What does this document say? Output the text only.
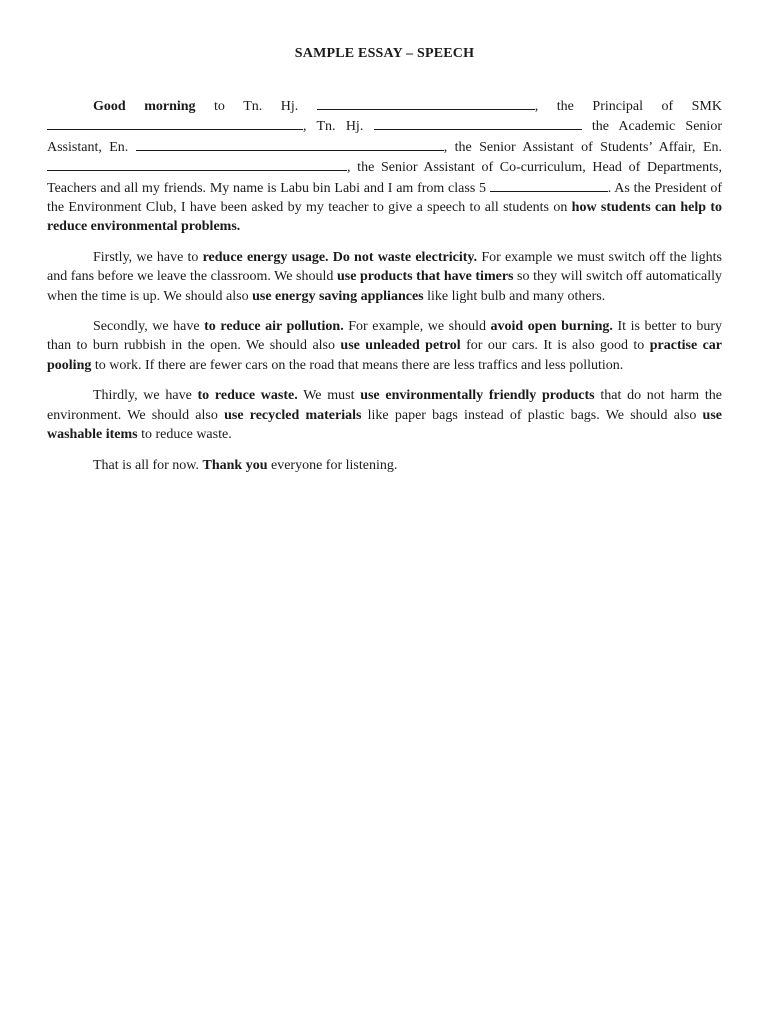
SAMPLE ESSAY – SPEECH

Good morning to Tn. Hj.	, the Principal of SMK , Tn. Hj.	the Academic Senior Assistant, En.	, the Senior Assistant of Students’ Affair, En. , the Senior Assistant of Co-curriculum, Head of Departments, Teachers and all my friends. My name is Labu bin Labi and I am from class 5	. As the President of the Environment Club, I have been asked by my teacher to give a speech to all students on how students can help to reduce environmental problems.

Firstly, we have to reduce energy usage. Do not waste electricity. For example we must switch off the lights and fans before we leave the classroom. We should use products that have timers so they will switch off automatically when the time is up. We should also use energy saving appliances like light bulb and many others.

Secondly, we have to reduce air pollution. For example, we should avoid open burning. It is better to bury than to burn rubbish in the open. We should also use unleaded petrol for our cars. It is also good to practise car pooling to work. If there are fewer cars on the road that means there are less traffics and less pollution.

Thirdly, we have to reduce waste. We must use environmentally friendly products that do not harm the environment. We should also use recycled materials like paper bags instead of plastic bags. We should also use washable items to reduce waste.

That is all for now. Thank you everyone for listening.
